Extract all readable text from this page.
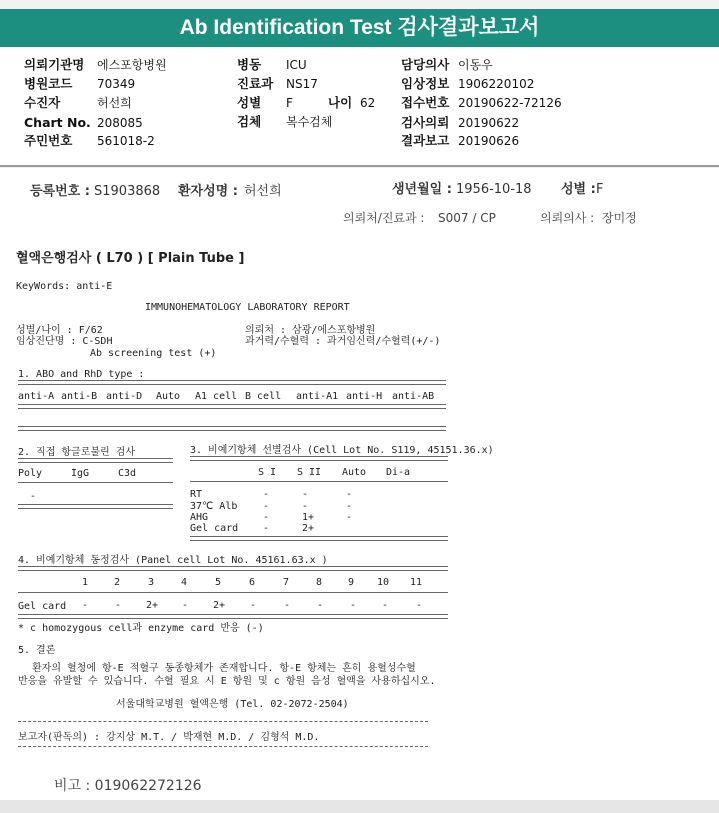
Ab Identification Test 검사결과보고서
의뢰기관명 에스포항병원
병원코드 70349
수진자	허선희
Chart No. 208085
주민번호 561018-2
병동 ICU
진료과 NS17
성별 F
검체 복수검체
나이 62
담당의사 이동우
임상정보 1906220102
접수번호 20190622-72126
검사의뢰 20190622
결과보고 20190626
등록번호 : S1903868 환자성명 : 허선희	생년월일 : 1956-10-18 성별 : F
의뢰처/진료과 : S007 / CP	의뢰의사 : 장미정
혈액은행검사 ( L70 ) [ Plain Tube ]
KeyWords: anti-E
IMMUNOHEMATOLOGY LABORATORY REPORT
성별/나이 : F/62
임상진단명 : C-SDH
Ab screening test (+)
의뢰처 : 삼광/에스포항병원
과거력/수혈력 : 과거임신력/수혈력(+/-)
1. ABO and RhD type :
anti-A anti-B anti-D Auto A1 cell B cell anti-A1 anti-H anti-AB
2. 직접 항글로불린 검사
Poly	IgG	C3d
-
3. 비예기항체 선별검사 (Cell Lot No. S119, 45151.36.x)
S I S II Auto Di-a
RT	-	-	-
37℃ Alb	-	-	-
AHG	-	1+	-
Gel card -	2+
4. 비예기항체 동정검사 (Panel cell Lot No. 45161.63.x )
1	2	3	4	5	6	7	8	9 10 11
Gel card -	- 2+ - 2+ -	-	-	-	-	-
* c homozygous cell과 enzyme card 반응 (-)
5. 결론
환자의 혈청에 항-E 적혈구 동종항체가 존재합니다. 항-E 항체는 흔히 용혈성수혈
반응을 유발할 수 있습니다. 수혈 필요 시 E 항원 및 c 항원 음성 혈액을 사용하십시오.
서울대학교병원 혈액은행 (Tel. 02-2072-2504)
보고자(판독의) : 강지상 M.T. / 박재현 M.D. / 김형석 M.D.
비고 : 019062272126
